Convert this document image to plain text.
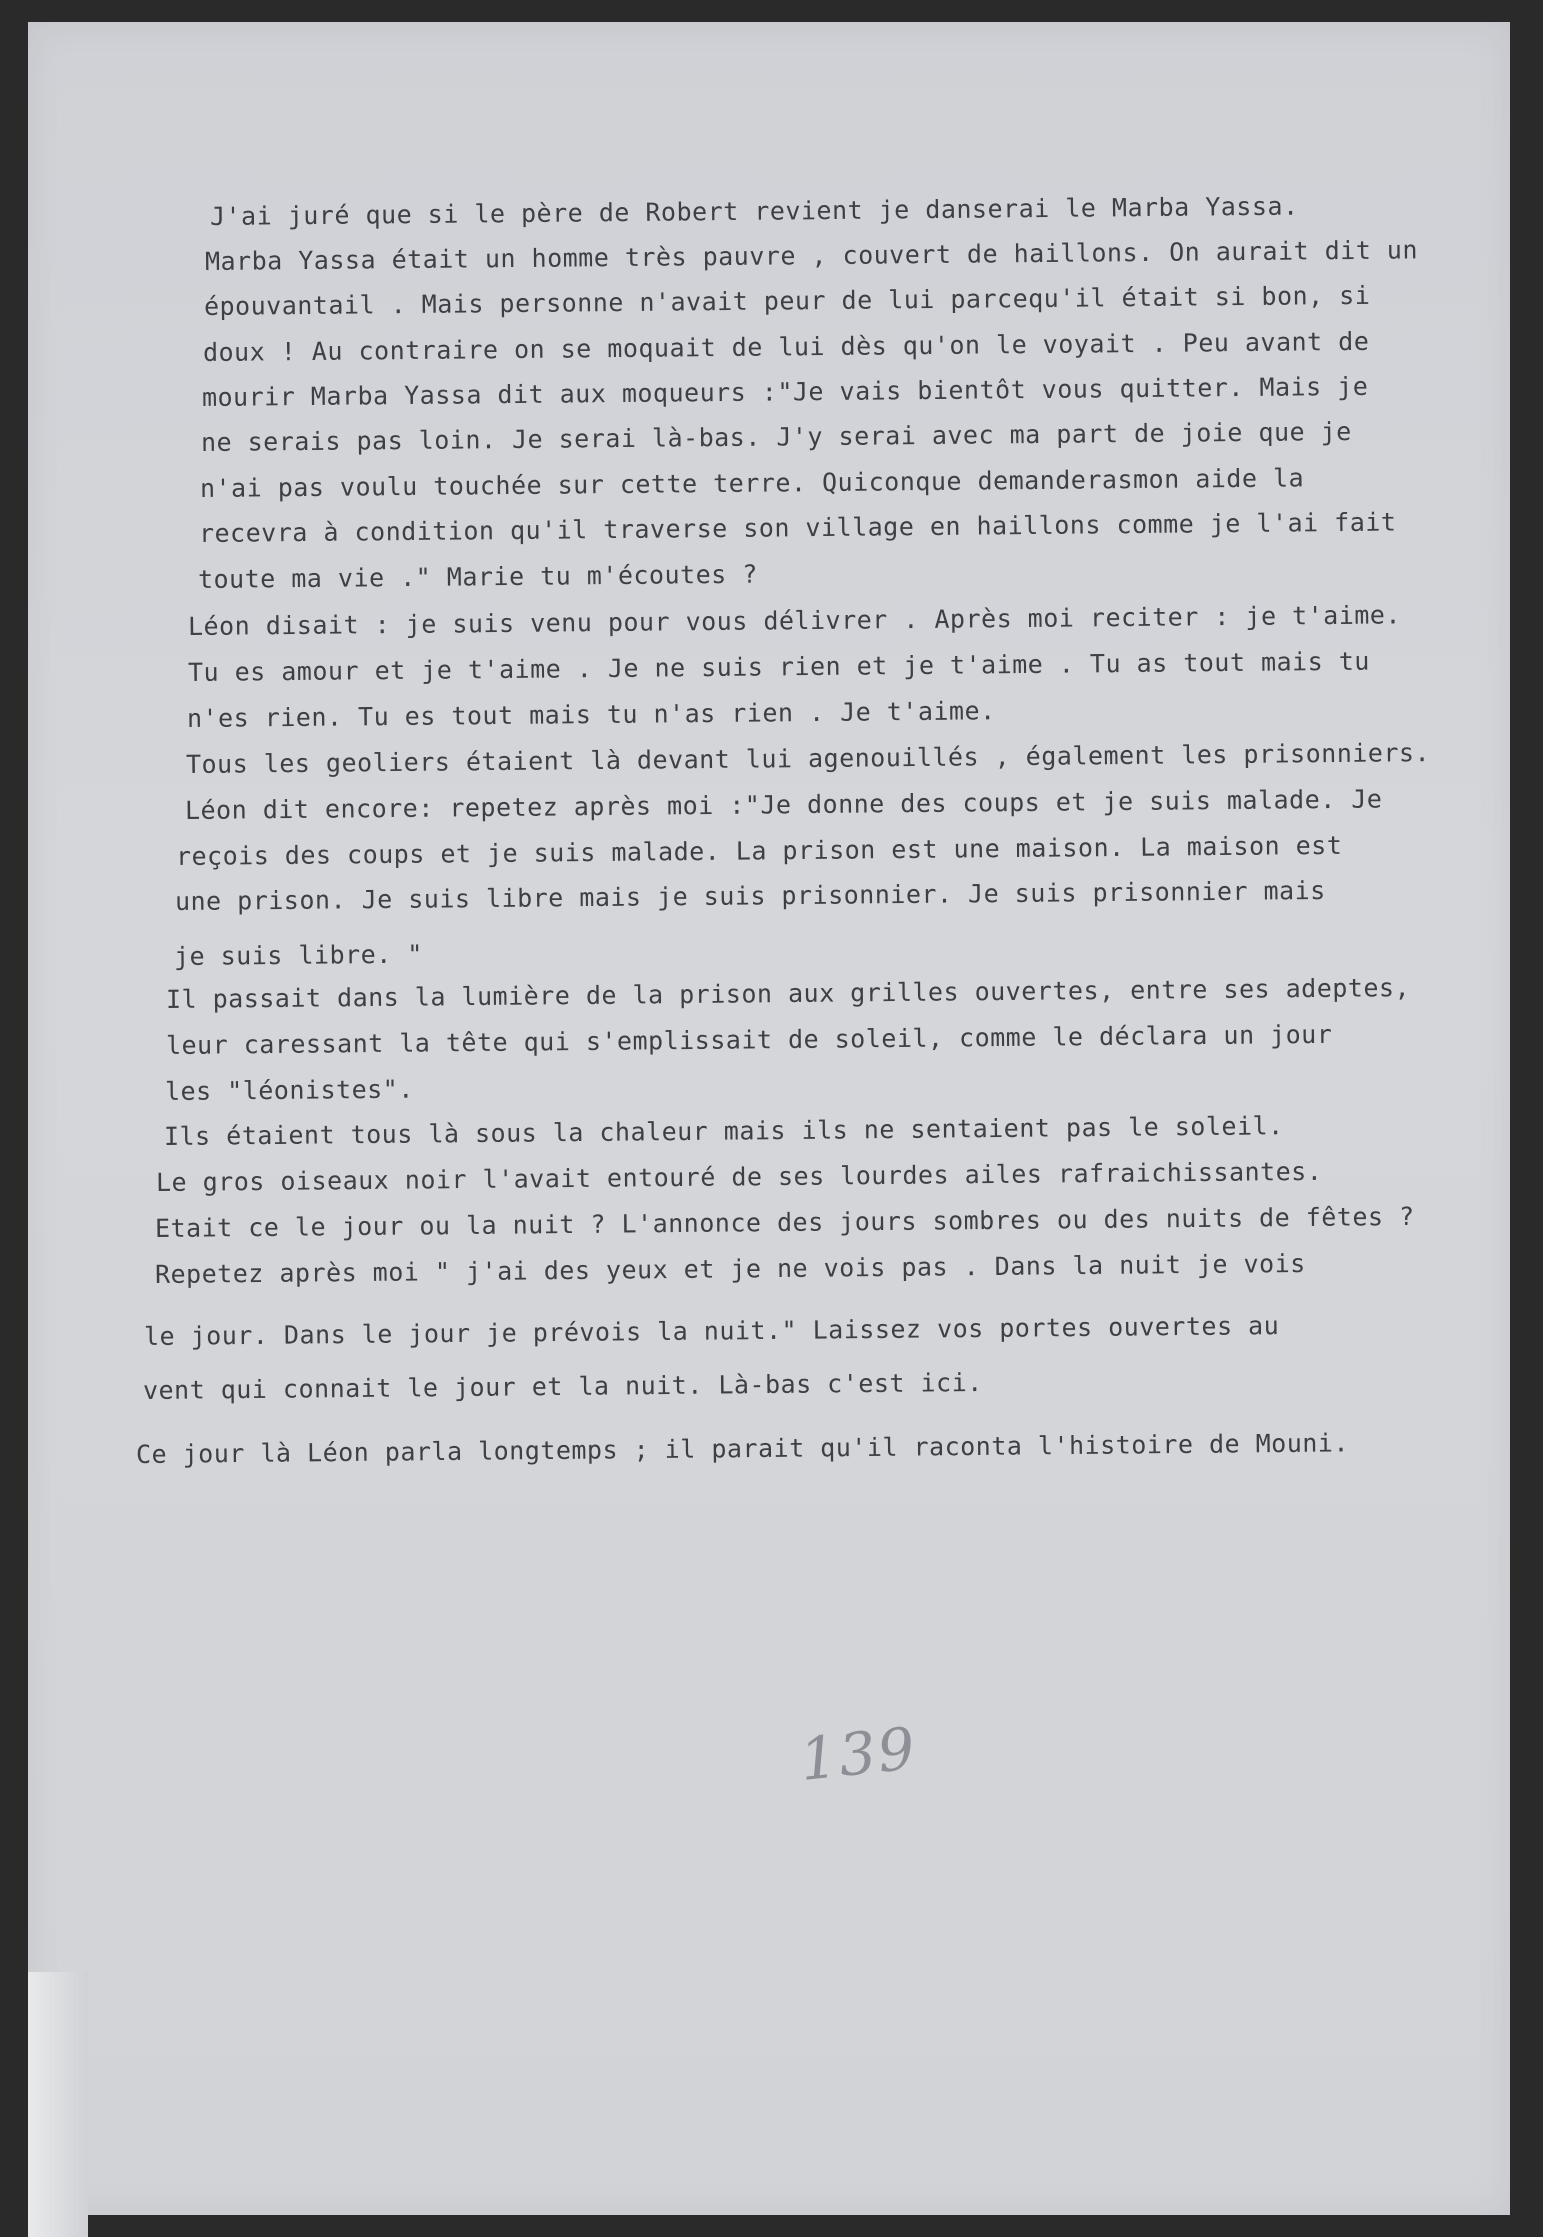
J'ai juré que si le père de Robert revient je danserai le Marba Yassa.
Marba Yassa était un homme très pauvre , couvert de haillons. On aurait dit un
épouvantail . Mais personne n'avait peur de lui parcequ'il était si bon, si
doux ! Au contraire on se moquait de lui dès qu'on le voyait . Peu avant de
mourir Marba Yassa dit aux moqueurs :"Je vais bientôt vous quitter. Mais je
ne serais pas loin. Je serai là-bas. J'y serai avec ma part de joie que je
n'ai pas voulu touchée sur cette terre. Quiconque demanderasmon aide la
recevra à condition qu'il traverse son village en haillons comme je l'ai fait
toute ma vie ." Marie tu m'écoutes ?
Léon disait : je suis venu pour vous délivrer . Après moi reciter : je t'aime.
Tu es amour et je t'aime . Je ne suis rien et je t'aime . Tu as tout mais tu
n'es rien. Tu es tout mais tu n'as rien . Je t'aime.
Tous les geoliers étaient là devant lui agenouillés , également les prisonniers.
Léon dit encore: repetez après moi :"Je donne des coups et je suis malade. Je
reçois des coups et je suis malade. La prison est une maison. La maison est
une prison. Je suis libre mais je suis prisonnier. Je suis prisonnier mais
je suis libre. "
Il passait dans la lumière de la prison aux grilles ouvertes, entre ses adeptes,
leur caressant la tête qui s'emplissait de soleil, comme le déclara un jour
les "léonistes".
Ils étaient tous là sous la chaleur mais ils ne sentaient pas le soleil.
Le gros oiseaux noir l'avait entouré de ses lourdes ailes rafraichissantes.
Etait ce le jour ou la nuit ? L'annonce des jours sombres ou des nuits de fêtes ?
Repetez après moi " j'ai des yeux et je ne vois pas . Dans la nuit je vois
le jour. Dans le jour je prévois la nuit." Laissez vos portes ouvertes au
vent qui connait le jour et la nuit. Là-bas c'est ici.
Ce jour là Léon parla longtemps ; il parait qu'il raconta l'histoire de Mouni.
139
